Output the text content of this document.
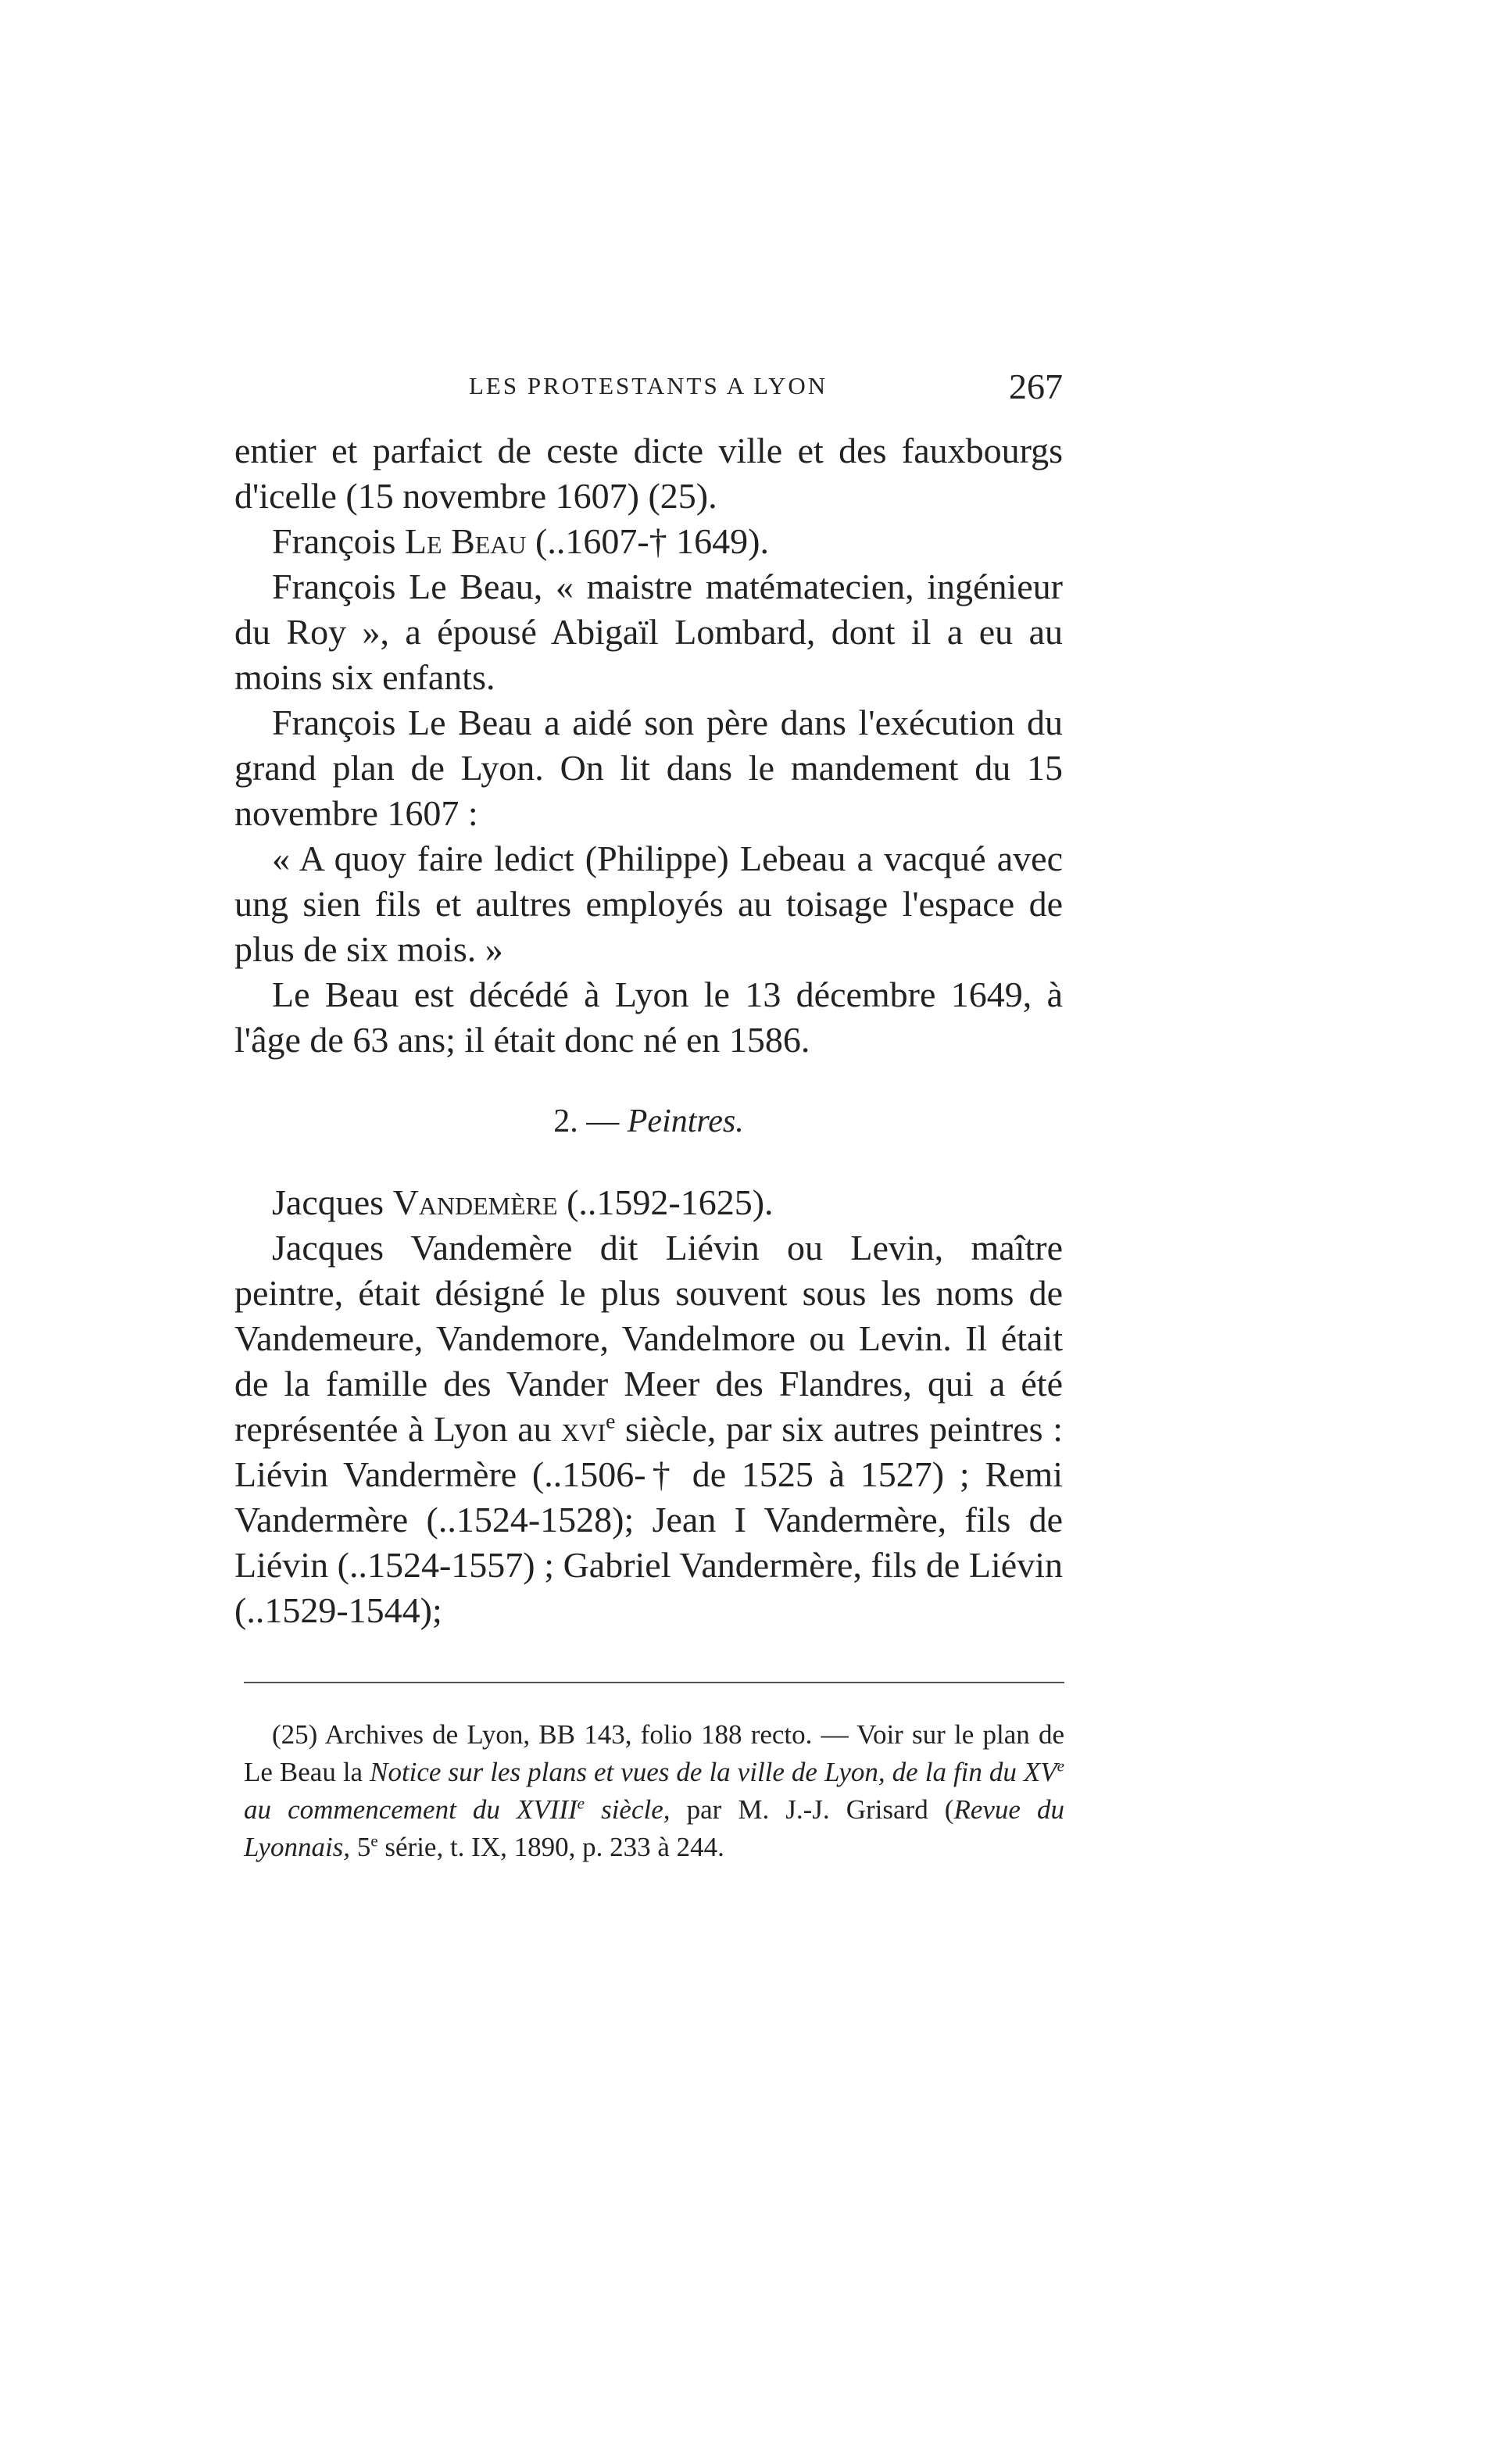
LES PROTESTANTS A LYON	267

entier et parfaict de ceste dicte ville et des fauxbourgs d'icelle (15 novembre 1607) (25).

François Le Beau (..1607-† 1649).

François Le Beau, « maistre matématecien, ingénieur du Roy », a épousé Abigaïl Lombard, dont il a eu au moins six enfants.

François Le Beau a aidé son père dans l'exécution du grand plan de Lyon. On lit dans le mandement du 15 novembre 1607 :

« A quoy faire ledict (Philippe) Lebeau a vacqué avec ung sien fils et aultres employés au toisage l'espace de plus de six mois. »

Le Beau est décédé à Lyon le 13 décembre 1649, à l'âge de 63 ans; il était donc né en 1586.

2. — Peintres.

Jacques Vandemère (..1592-1625).

Jacques Vandemère dit Liévin ou Levin, maître peintre, était désigné le plus souvent sous les noms de Vandemeure, Vandemore, Vandelmore ou Levin. Il était de la famille des Vander Meer des Flandres, qui a été représentée à Lyon au xvi$^e$ siècle, par six autres peintres : Liévin Vandermère (..1506-† de 1525 à 1527) ; Remi Vandermère (..1524-1528); Jean I Vandermère, fils de Liévin (..1524-1557) ; Gabriel Vandermère, fils de Liévin (..1529-1544);

(25) Archives de Lyon, BB 143, folio 188 recto. — Voir sur le plan de Le Beau la Notice sur les plans et vues de la ville de Lyon, de la fin du XVe au commencement du XVIIIe siècle, par M. J.-J. Grisard (Revue du Lyonnais, 5e série, t. IX, 1890, p. 233 à 244.
